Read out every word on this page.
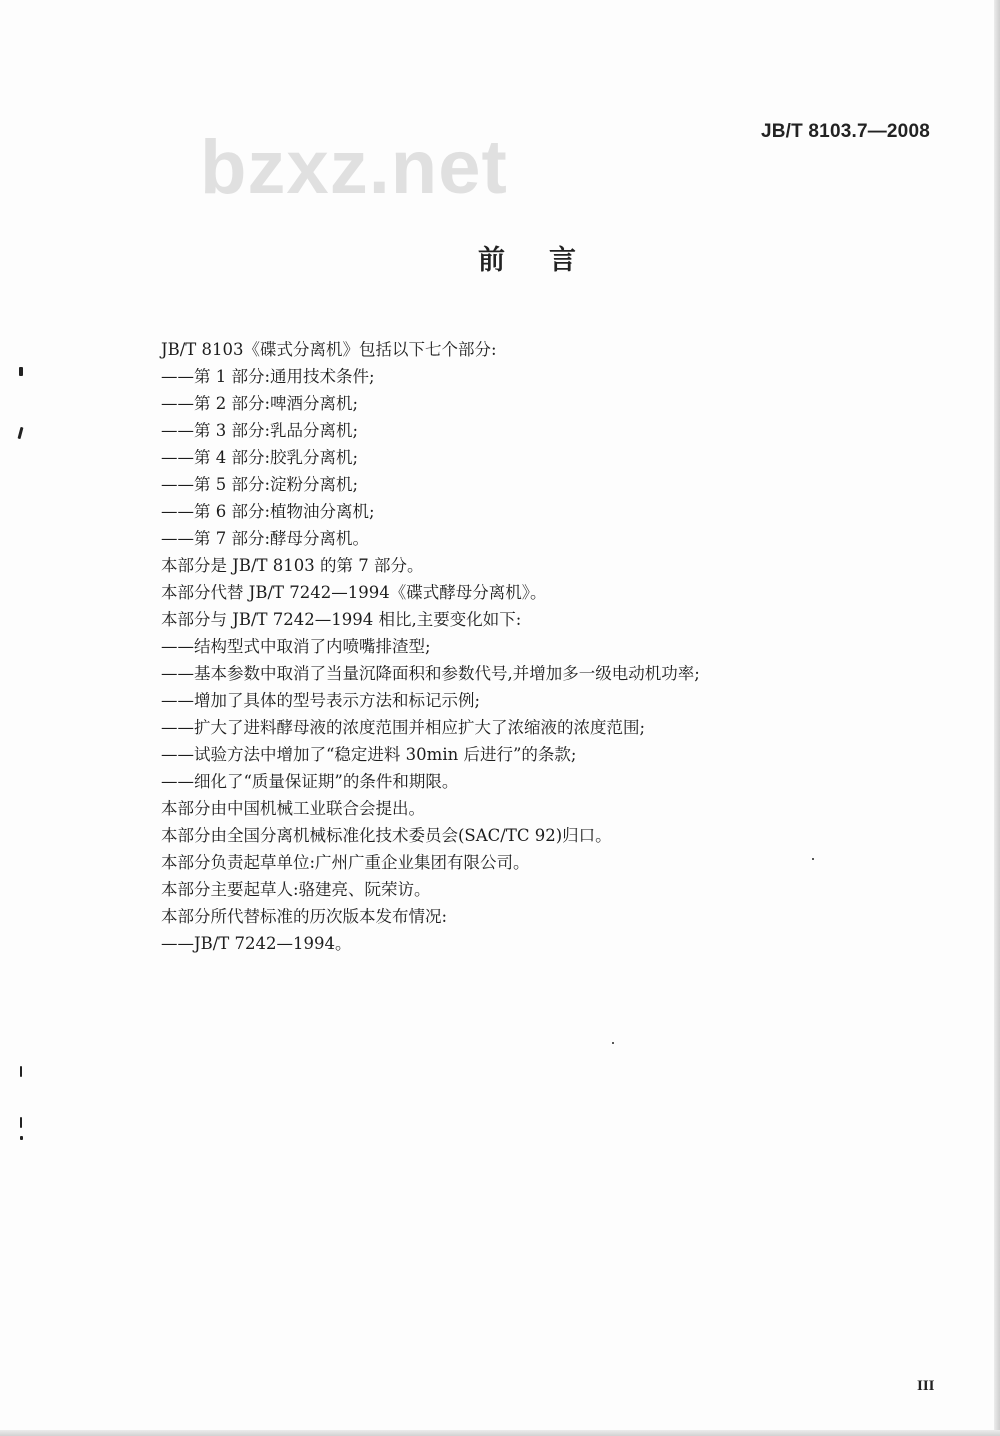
bzxz.net	JB/T 8103.7—2008
前言
JB/T 8103《碟式分离机》包括以下七个部分:
——第 1 部分:通用技术条件;
——第 2 部分:啤酒分离机;
——第 3 部分:乳品分离机;
——第 4 部分:胶乳分离机;
——第 5 部分:淀粉分离机;
——第 6 部分:植物油分离机;
——第 7 部分:酵母分离机。
本部分是 JB/T 8103 的第 7 部分。
本部分代替 JB/T 7242—1994《碟式酵母分离机》。
本部分与 JB/T 7242—1994 相比,主要变化如下:
——结构型式中取消了内喷嘴排渣型;
——基本参数中取消了当量沉降面积和参数代号,并增加多一级电动机功率;
——增加了具体的型号表示方法和标记示例;
——扩大了进料酵母液的浓度范围并相应扩大了浓缩液的浓度范围;
——试验方法中增加了“稳定进料 30min 后进行”的条款;
——细化了“质量保证期”的条件和期限。
本部分由中国机械工业联合会提出。
本部分由全国分离机械标准化技术委员会(SAC/TC 92)归口。
本部分负责起草单位:广州广重企业集团有限公司。
本部分主要起草人:骆建亮、阮荣访。
本部分所代替标准的历次版本发布情况:
——JB/T 7242—1994。
III
